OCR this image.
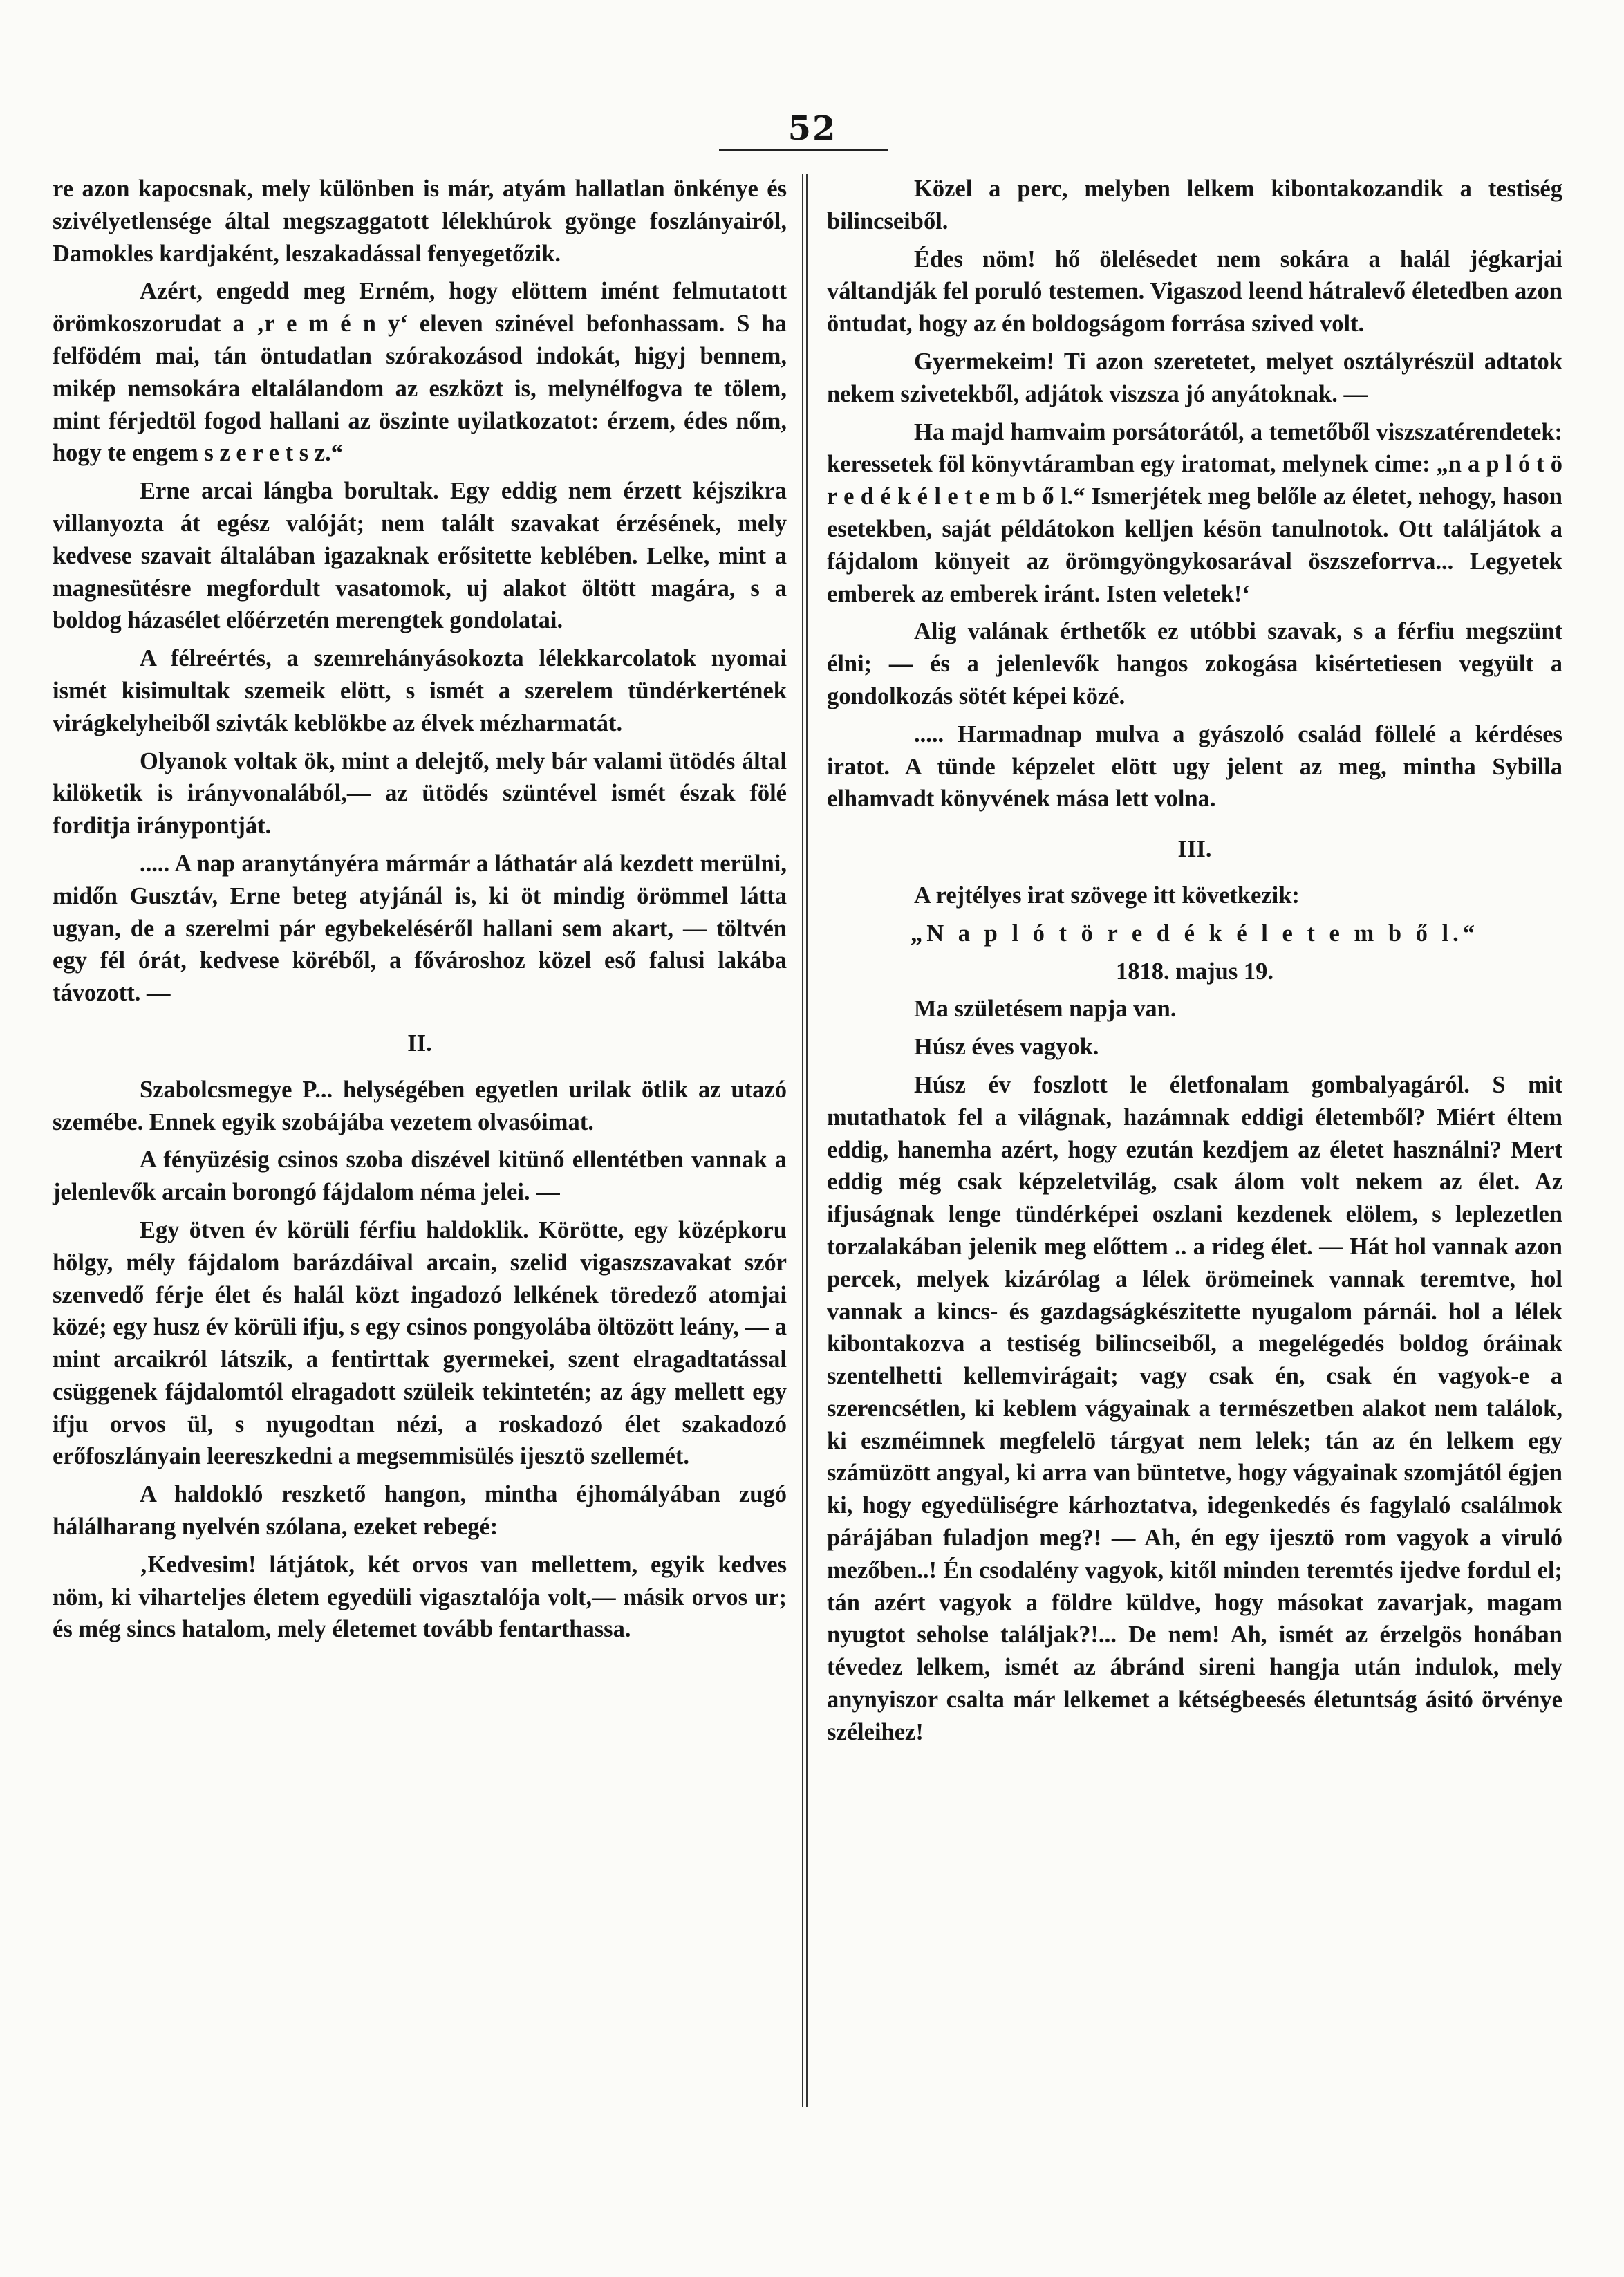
52

re azon kapocsnak, mely különben is már, atyám hallatlan önkénye és szivélyetlensége által megszaggatott lélekhúrok gyönge foszlányairól, Damokles kardjaként, leszakadással fenyegetőzik.

Azért, engedd meg Erném, hogy elöttem imént felmutatott örömkoszorudat a ‚r e m é n y‘ eleven szinével befonhassam. S ha felfödém mai, tán öntudatlan szórakozásod indokát, higyj bennem, mikép nemsokára eltalálandom az eszközt is, melynélfogva te tölem, mint férjedtöl fogod hallani az öszinte uyilatkozatot: érzem, édes nőm, hogy te engem s z e r e t s z.“

Erne arcai lángba borultak. Egy eddig nem érzett kéjszikra villanyozta át egész valóját; nem talált szavakat érzésének, mely kedvese szavait általában igazaknak erősitette keblében. Lelke, mint a magnesütésre megfordult vasatomok, uj alakot öltött magára, s a boldog házasélet előérzetén merengtek gondolatai.

A félreértés, a szemrehányásokozta lélekkarcolatok nyomai ismét kisimultak szemeik elött, s ismét a szerelem tündérkertének virágkelyheiből szivták keblökbe az élvek mézharmatát.

Olyanok voltak ök, mint a delejtő, mely bár valami ütödés által kilöketik is irányvonalából,— az ütödés szüntével ismét észak fölé forditja iránypontját.

..... A nap aranytányéra mármár a láthatár alá kezdett merülni, midőn Gusztáv, Erne beteg atyjánál is, ki öt mindig örömmel látta ugyan, de a szerelmi pár egybekeléséről hallani sem akart, — töltvén egy fél órát, kedvese köréből, a fővároshoz közel eső falusi lakába távozott. —

II.

Szabolcsmegye P... helységében egyetlen urilak ötlik az utazó szemébe. Ennek egyik szobájába vezetem olvasóimat.

A fényüzésig csinos szoba diszével kitünő ellentétben vannak a jelenlevők arcain borongó fájdalom néma jelei. —

Egy ötven év körüli férfiu haldoklik. Körötte, egy középkoru hölgy, mély fájdalom barázdáival arcain, szelid vigaszszavakat szór szenvedő férje élet és halál közt ingadozó lelkének töredező atomjai közé; egy husz év körüli ifju, s egy csinos pongyolába öltözött leány, — a mint arcaikról látszik, a fentirttak gyermekei, szent elragadtatással csüggenek fájdalomtól elragadott szüleik tekintetén; az ágy mellett egy ifju orvos ül, s nyugodtan nézi, a roskadozó élet szakadozó erőfoszlányain leereszkedni a megsemmisülés ijesztö szellemét.

A haldokló reszkető hangon, mintha éjhomályában zugó hálálharang nyelvén szólana, ezeket rebegé:

‚Kedvesim! látjátok, két orvos van mellettem, egyik kedves nöm, ki viharteljes életem egyedüli vigasztalója volt,— másik orvos ur; és még sincs hatalom, mely életemet tovább fentarthassa.

Közel a perc, melyben lelkem kibontakozandik a testiség bilincseiből.

Édes nöm! hő ölelésedet nem sokára a halál jégkarjai váltandják fel poruló testemen. Vigaszod leend hátralevő életedben azon öntudat, hogy az én boldogságom forrása szived volt.

Gyermekeim! Ti azon szeretetet, melyet osztályrészül adtatok nekem szivetekből, adjátok viszsza jó anyátoknak. —

Ha majd hamvaim porsátorától, a temetőből viszszatérendetek: keressetek föl könyvtáramban egy iratomat, melynek cime: „n a p l ó t ö r e d é k é l e t e m b ő l.“ Ismerjétek meg belőle az életet, nehogy, hason esetekben, saját példátokon kelljen késön tanulnotok. Ott találjátok a fájdalom könyeit az örömgyöngykosarával öszszeforrva... Legyetek emberek az emberek iránt. Isten veletek!‘

Alig valának érthetők ez utóbbi szavak, s a férfiu megszünt élni; — és a jelenlevők hangos zokogása kisértetiesen vegyült a gondolkozás sötét képei közé.

..... Harmadnap mulva a gyászoló család föllelé a kérdéses iratot. A tünde képzelet elött ugy jelent az meg, mintha Sybilla elhamvadt könyvének mása lett volna.

III.

A rejtélyes irat szövege itt következik:

„N a p l ó t ö r e d é k é l e t e m b ő l.“

1818. majus 19.

Ma születésem napja van.

Húsz éves vagyok.

Húsz év foszlott le életfonalam gombalyagáról. S mit mutathatok fel a világnak, hazámnak eddigi életemből? Miért éltem eddig, hanemha azért, hogy ezután kezdjem az életet használni? Mert eddig még csak képzeletvilág, csak álom volt nekem az élet. Az ifjuságnak lenge tündérképei oszlani kezdenek elölem, s leplezetlen torzalakában jelenik meg előttem .. a rideg élet. — Hát hol vannak azon percek, melyek kizárólag a lélek örömeinek vannak teremtve, hol vannak a kincs- és gazdagságkészitette nyugalom párnái. hol a lélek kibontakozva a testiség bilincseiből, a megelégedés boldog óráinak szentelhetti kellemvirágait; vagy csak én, csak én vagyok-e a szerencsétlen, ki keblem vágyainak a természetben alakot nem találok, ki eszméimnek megfelelö tárgyat nem lelek; tán az én lelkem egy számüzött angyal, ki arra van büntetve, hogy vágyainak szomjától égjen ki, hogy egyedüliségre kárhoztatva, idegenkedés és fagylaló csalálmok párájában fuladjon meg?! — Ah, én egy ijesztö rom vagyok a viruló mezőben..! Én csodalény vagyok, kitől minden teremtés ijedve fordul el; tán azért vagyok a földre küldve, hogy másokat zavarjak, magam nyugtot seholse találjak?!... De nem! Ah, ismét az érzelgös honában tévedez lelkem, ismét az ábránd sireni hangja után indulok, mely anynyiszor csalta már lelkemet a kétségbeesés életuntság ásitó örvénye széleihez!
